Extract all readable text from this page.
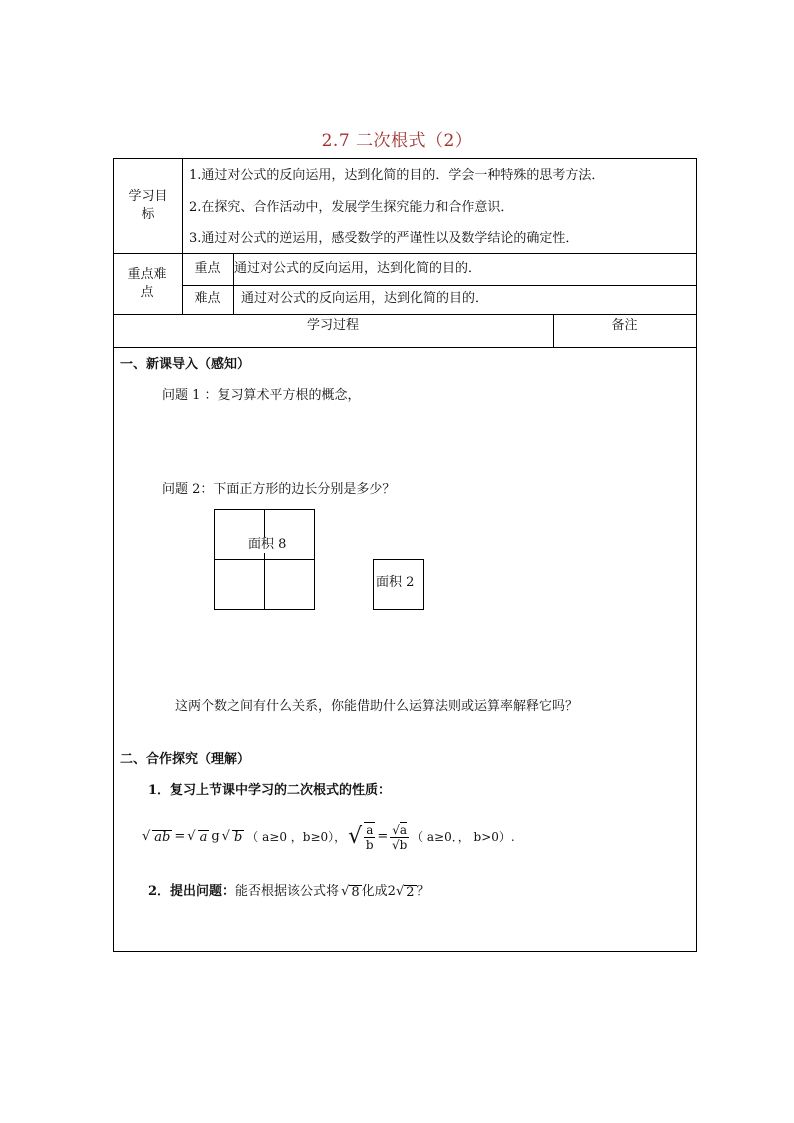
2.7 二次根式（2）
学习目标
1.通过对公式的反向运用，达到化简的目的．学会一种特殊的思考方法．
2.在探究、合作活动中，发展学生探究能力和合作意识．
3.通过对公式的逆运用，感受数学的严谨性以及数学结论的确定性．
重点难点
重点	通过对公式的反向运用，达到化简的目的．
难点	通过对公式的反向运用，达到化简的目的．
学习过程	备注
一、新课导入（感知）
问题 1 ：复习算术平方根的概念，
问题 2：下面正方形的边长分别是多少？
面积 8
面积 2
这两个数之间有什么关系，你能借助什么运算法则或运算率解释它吗？
二、合作探究（理解）
1．复习上节课中学习的二次根式的性质：
√ ab = √ a g √ b （ a≥0 ，b≥0）， √ $\frac{a}{b} = \frac{√a}{√b}$ （ a≥0．， b>0）.
2．提出问题： 能否根据该公式将 √ 8 化成 2 √ 2 ？
